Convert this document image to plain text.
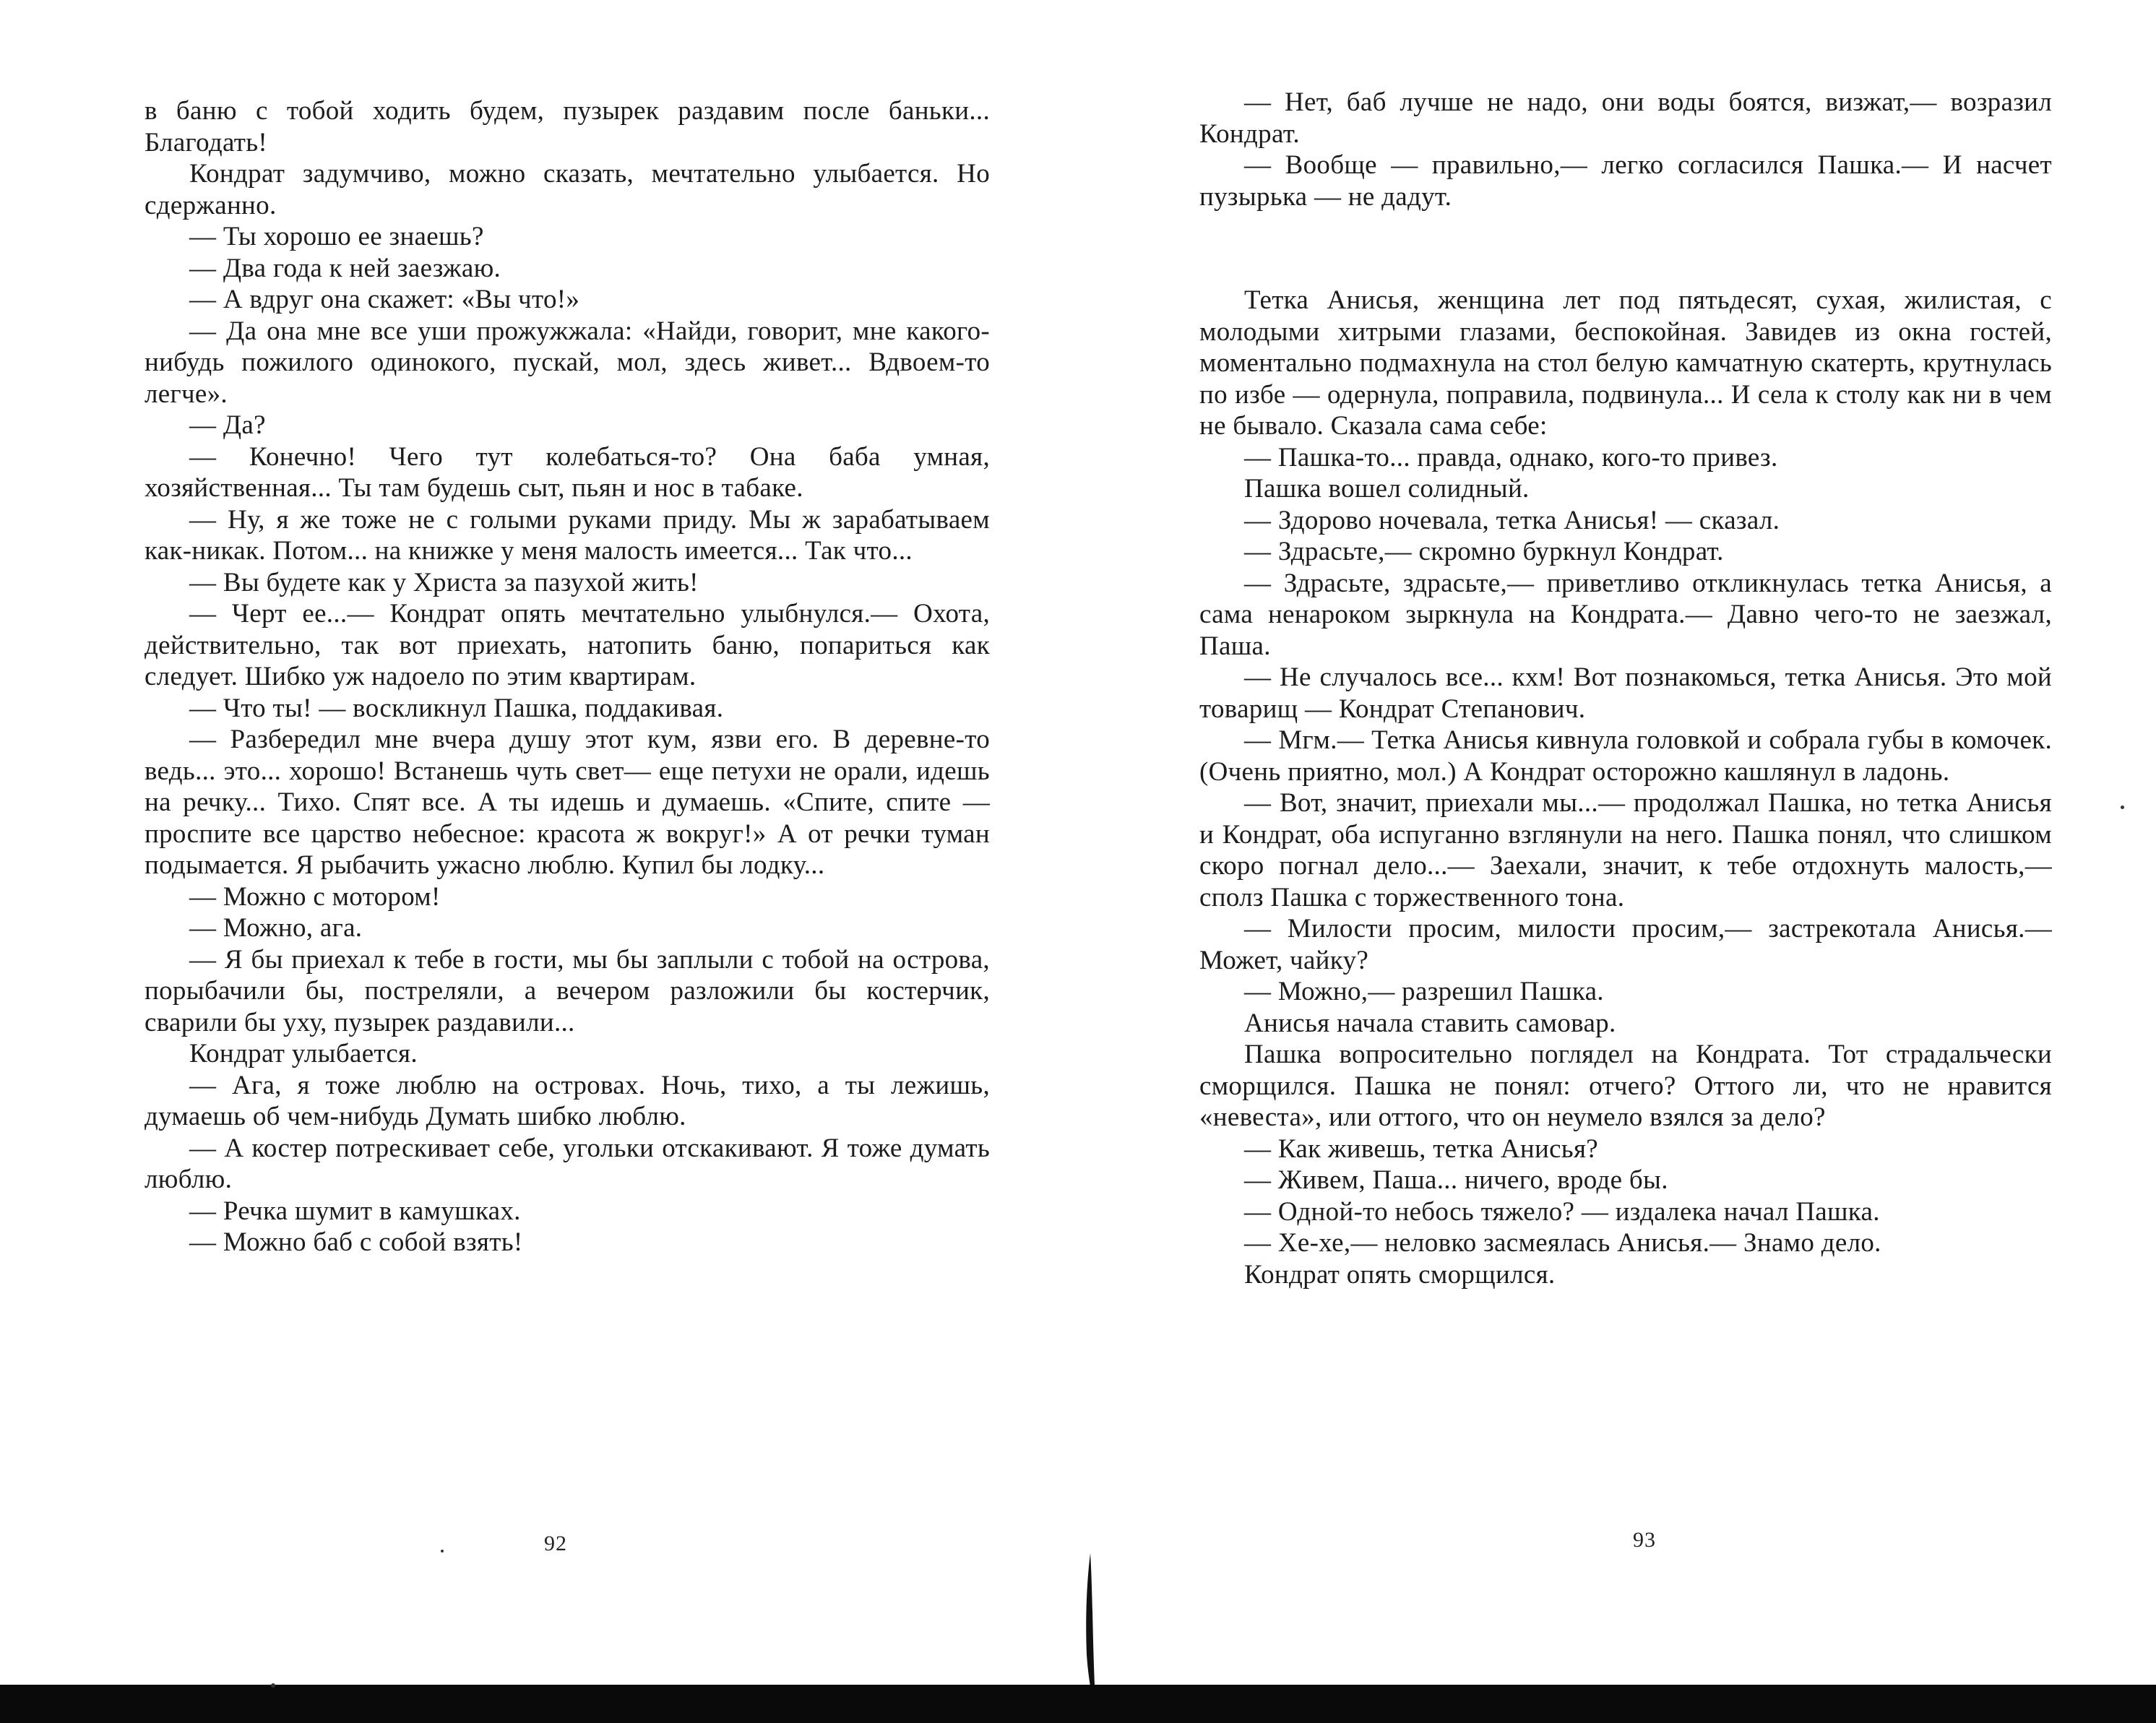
в баню с тобой ходить будем, пузырек раздавим после баньки... Благодать!

Кондрат задумчиво, можно сказать, мечтательно улыбается. Но сдержанно.

— Ты хорошо ее знаешь?

— Два года к ней заезжаю.

— А вдруг она скажет: «Вы что!»

— Да она мне все уши прожужжала: «Найди, говорит, мне какого-нибудь пожилого одинокого, пускай, мол, здесь живет... Вдвоем-то легче».

— Да?

— Конечно! Чего тут колебаться-то? Она баба умная, хозяйственная... Ты там будешь сыт, пьян и нос в табаке.

— Ну, я же тоже не с голыми руками приду. Мы ж зарабатываем как-никак. Потом... на книжке у меня малость имеется... Так что...

— Вы будете как у Христа за пазухой жить!

— Черт ее...— Кондрат опять мечтательно улыбнулся.— Охота, действительно, так вот приехать, натопить баню, попариться как следует. Шибко уж надоело по этим квартирам.

— Что ты! — воскликнул Пашка, поддакивая.

— Разбередил мне вчера душу этот кум, язви его. В деревне-то ведь... это... хорошо! Встанешь чуть свет— еще петухи не орали, идешь на речку... Тихо. Спят все. А ты идешь и думаешь. «Спите, спите — проспите все царство небесное: красота ж вокруг!» А от речки туман подымается. Я рыбачить ужасно люблю. Купил бы лодку...

— Можно с мотором!

— Можно, ага.

— Я бы приехал к тебе в гости, мы бы заплыли с тобой на острова, порыбачили бы, постреляли, а вечером разложили бы костерчик, сварили бы уху, пузырек раздавили...

Кондрат улыбается.

— Ага, я тоже люблю на островах. Ночь, тихо, а ты лежишь, думаешь об чем-нибудь Думать шибко люблю.

— А костер потрескивает себе, угольки отскакивают. Я тоже думать люблю.

— Речка шумит в камушках.

— Можно баб с собой взять!

92

— Нет, баб лучше не надо, они воды боятся, визжат,— возразил Кондрат.

— Вообще — правильно,— легко согласился Пашка.— И насчет пузырька — не дадут.

Тетка Анисья, женщина лет под пятьдесят, сухая, жилистая, с молодыми хитрыми глазами, беспокойная. Завидев из окна гостей, моментально подмахнула на стол белую камчатную скатерть, крутнулась по избе — одернула, поправила, подвинула... И села к столу как ни в чем не бывало. Сказала сама себе:

— Пашка-то... правда, однако, кого-то привез.

Пашка вошел солидный.

— Здорово ночевала, тетка Анисья! — сказал.

— Здрасьте,— скромно буркнул Кондрат.

— Здрасьте, здрасьте,— приветливо откликнулась тетка Анисья, а сама ненароком зыркнула на Кондрата.— Давно чего-то не заезжал, Паша.

— Не случалось все... кхм! Вот познакомься, тетка Анисья. Это мой товарищ — Кондрат Степанович.

— Мгм.— Тетка Анисья кивнула головкой и собрала губы в комочек. (Очень приятно, мол.) А Кондрат осторожно кашлянул в ладонь.

— Вот, значит, приехали мы...— продолжал Пашка, но тетка Анисья и Кондрат, оба испуганно взглянули на него. Пашка понял, что слишком скоро погнал дело...— Заехали, значит, к тебе отдохнуть малость,— сполз Пашка с торжественного тона.

— Милости просим, милости просим,— застрекотала Анисья.— Может, чайку?

— Можно,— разрешил Пашка.

Анисья начала ставить самовар.

Пашка вопросительно поглядел на Кондрата. Тот страдальчески сморщился. Пашка не понял: отчего? Оттого ли, что не нравится «невеста», или оттого, что он неумело взялся за дело?

— Как живешь, тетка Анисья?

— Живем, Паша... ничего, вроде бы.

— Одной-то небось тяжело? — издалека начал Пашка.

— Хе-хе,— неловко засмеялась Анисья.— Знамо дело.

Кондрат опять сморщился.

93
